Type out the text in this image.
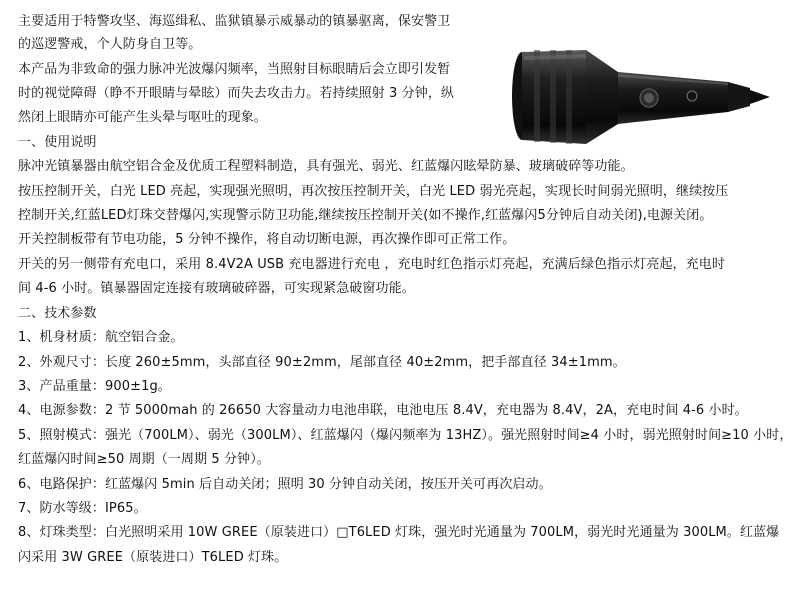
主要适用于特警攻坚、海巡缉私、监狱镇暴示威暴动的镇暴驱离，保安警卫
的巡逻警戒，个人防身自卫等。
本产品为非致命的强力脉冲光波爆闪频率，当照射目标眼睛后会立即引发暂
时的视觉障碍（睁不开眼睛与晕眩）而失去攻击力。若持续照射 3 分钟，纵
然闭上眼睛亦可能产生头晕与呕吐的现象。
一、使用说明
脉冲光镇暴器由航空铝合金及优质工程塑料制造，具有强光、弱光、红蓝爆闪眩晕防暴、玻璃破碎等功能。
按压控制开关，白光 LED 亮起，实现强光照明，再次按压控制开关，白光 LED 弱光亮起，实现长时间弱光照明，继续按压
控制开关,红蓝LED灯珠交替爆闪,实现警示防卫功能,继续按压控制开关(如不操作,红蓝爆闪5分钟后自动关闭),电源关闭。
开关控制板带有节电功能，5 分钟不操作，将自动切断电源，再次操作即可正常工作。
开关的另一侧带有充电口，采用 8.4V2A USB 充电器进行充电 ，充电时红色指示灯亮起，充满后绿色指示灯亮起，充电时
间 4-6 小时。镇暴器固定连接有玻璃破碎器，可实现紧急破窗功能。
二、技术参数
1、机身材质：航空铝合金。
2、外观尺寸：长度 260±5mm，头部直径 90±2mm，尾部直径 40±2mm，把手部直径 34±1mm。
3、产品重量：900±1g。
4、电源参数：2 节 5000mah 的 26650 大容量动力电池串联，电池电压 8.4V，充电器为 8.4V，2A，充电时间 4-6 小时。
5、照射模式：强光（700LM）、弱光（300LM）、红蓝爆闪（爆闪频率为 13HZ）。强光照射时间≥4 小时，弱光照射时间≥10 小时，
红蓝爆闪时间≥50 周期（一周期 5 分钟）。
6、电路保护：红蓝爆闪 5min 后自动关闭；照明 30 分钟自动关闭，按压开关可再次启动。
7、防水等级：IP65。
8、灯珠类型：白光照明采用 10W GREE（原装进口）□T6LED 灯珠，强光时光通量为 700LM，弱光时光通量为 300LM。红蓝爆
闪采用 3W GREE（原装进口）T6LED 灯珠。
